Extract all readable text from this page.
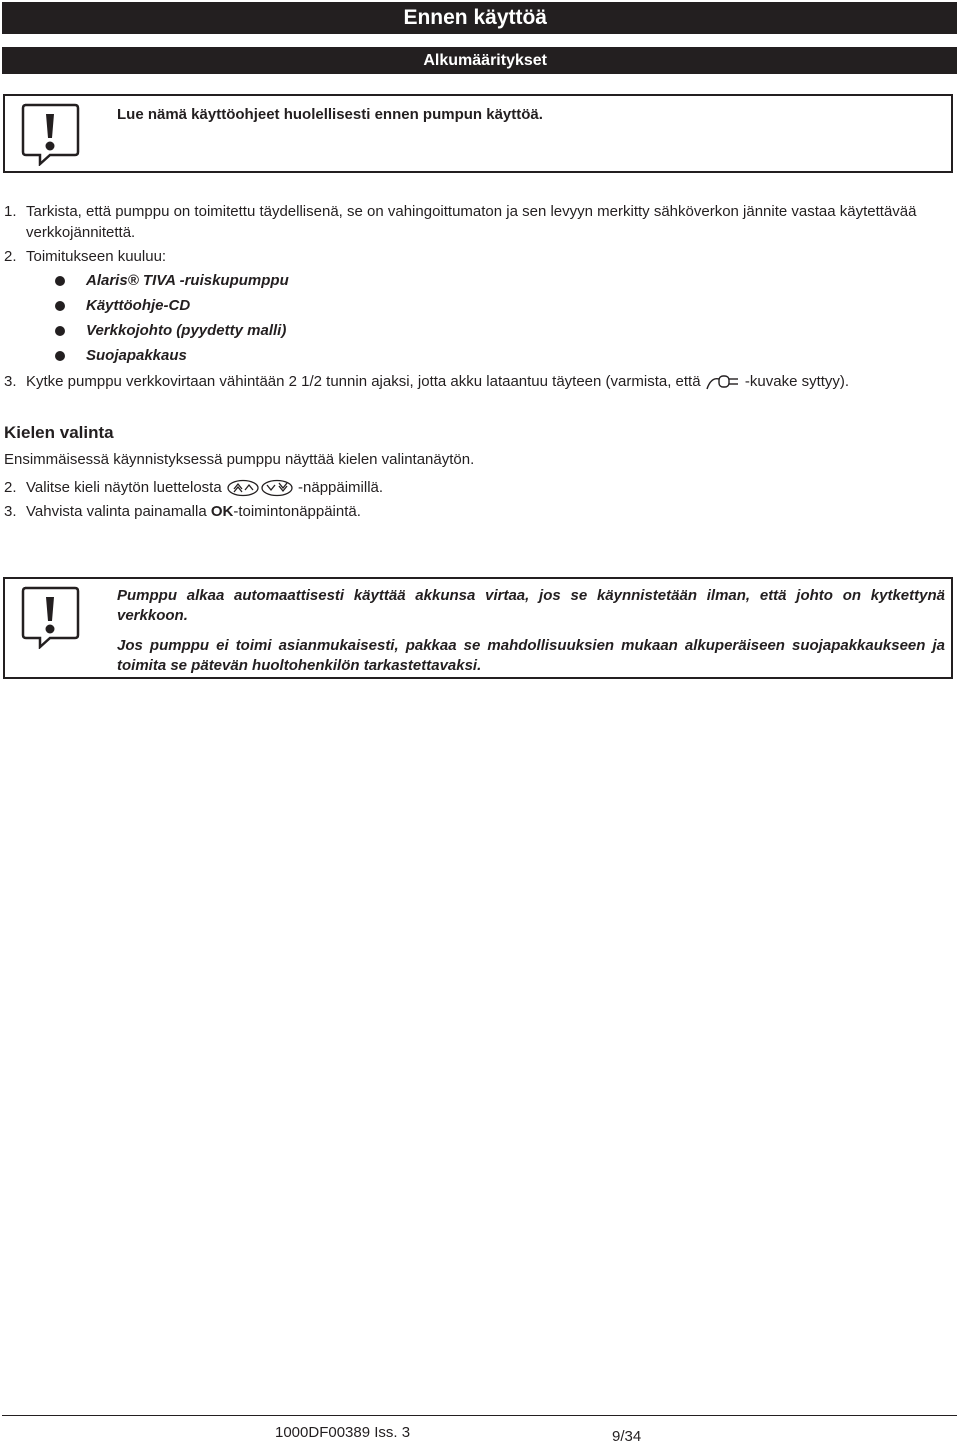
Ennen käyttöä
Alkumääritykset
Lue nämä käyttöohjeet huolellisesti ennen pumpun käyttöä.
1. Tarkista, että pumppu on toimitettu täydellisenä, se on vahingoittumaton ja sen levyyn merkitty sähköverkon jännite vastaa käytettävää
verkkojännitettä.
2. Toimitukseen kuuluu:
Alaris® TIVA -ruiskupumppu
Käyttöohje-CD
Verkkojohto (pyydetty malli)
Suojapakkaus
3. Kytke pumppu verkkovirtaan vähintään 2 1/2 tunnin ajaksi, jotta akku lataantuu täyteen (varmista, että	-kuvake syttyy).
Kielen valinta
Ensimmäisessä käynnistyksessä pumppu näyttää kielen valintanäytön.
2. Valitse kieli näytön luettelosta	-näppäimillä.
3. Vahvista valinta painamalla OK-toimintonäppäintä.
Pumppu alkaa automaattisesti käyttää akkunsa virtaa, jos se käynnistetään ilman, että johto on kytkettynä verkkoon.
Jos pumppu ei toimi asianmukaisesti, pakkaa se mahdollisuuksien mukaan alkuperäiseen suojapakkaukseen ja toimita se pätevän huoltohenkilön tarkastettavaksi.
1000DF00389 Iss. 3	9/34
